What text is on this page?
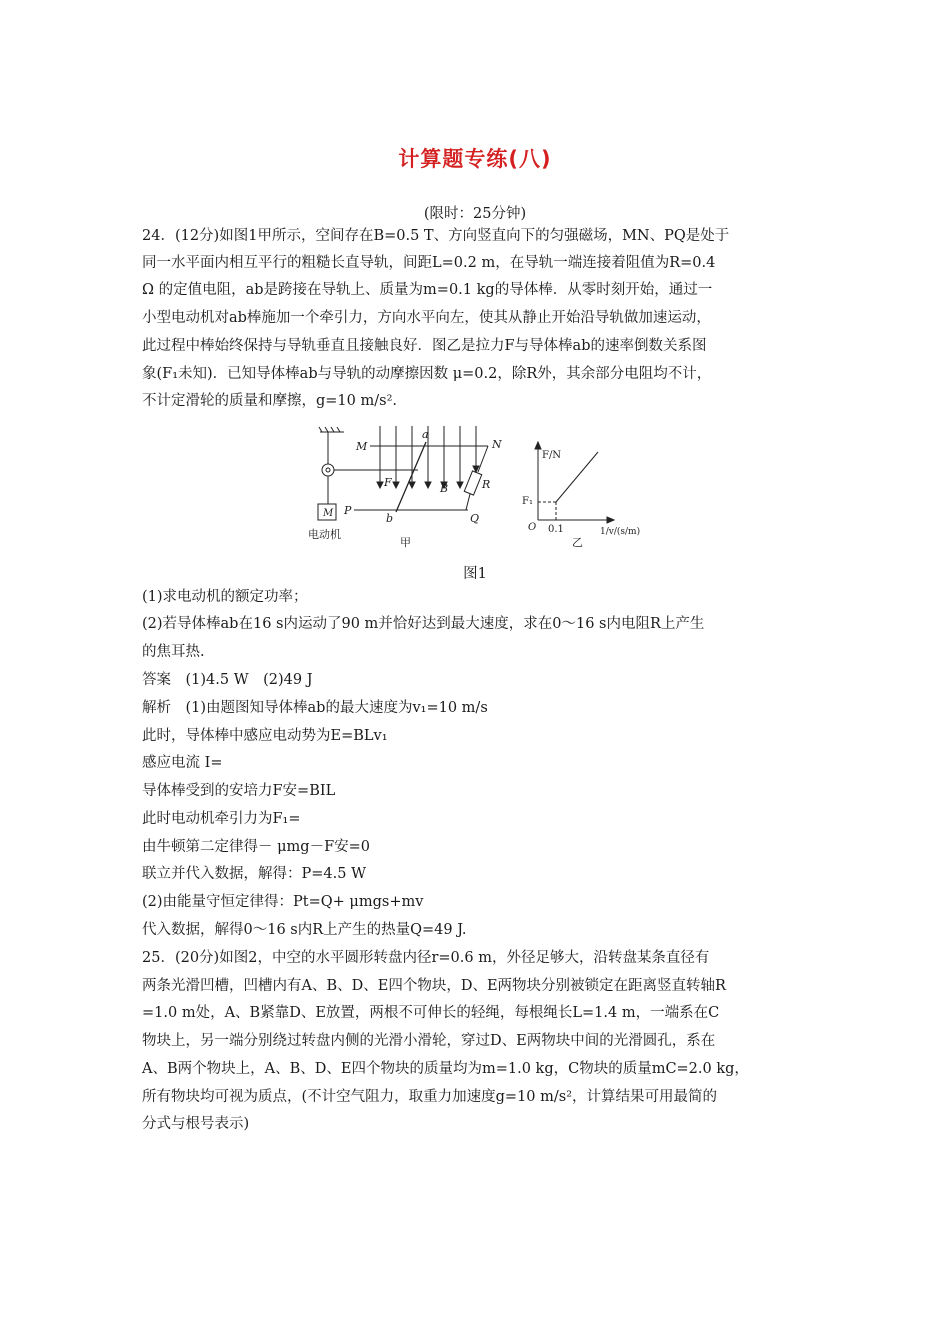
计算题专练(八)
(限时：25分钟)
24．(12分)如图1甲所示，空间存在B=0.5 T、方向竖直向下的匀强磁场，MN、PQ是处于
同一水平面内相互平行的粗糙长直导轨，间距L=0.2 m，在导轨一端连接着阻值为R=0.4
Ω 的定值电阻，ab是跨接在导轨上、质量为m=0.1 kg的导体棒．从零时刻开始，通过一
小型电动机对ab棒施加一个牵引力，方向水平向左，使其从静止开始沿导轨做加速运动，
此过程中棒始终保持与导轨垂直且接触良好．图乙是拉力F与导体棒ab的速率倒数关系图
象(F₁未知)．已知导体棒ab与导轨的动摩擦因数 μ=0.2，除R外，其余部分电阻均不计，
不计定滑轮的质量和摩擦，g=10 m/s².
M	N
P
Q
a
b
F	B	R
M
电动机
甲
F/N
F₁
O 0.1	1/v/(s/m)
乙
图1
(1)求电动机的额定功率；
(2)若导体棒ab在16 s内运动了90 m并恰好达到最大速度，求在0～16 s内电阻R上产生
的焦耳热.
答案　(1)4.5 W　(2)49 J
解析　(1)由题图知导体棒ab的最大速度为v₁=10 m/s
此时，导体棒中感应电动势为E=BLv₁
感应电流 I=
导体棒受到的安培力F安=BIL
此时电动机牵引力为F₁=
由牛顿第二定律得－ μmg－F安=0
联立并代入数据，解得：P=4.5 W
(2)由能量守恒定律得：Pt=Q+ μmgs+mv
代入数据，解得0～16 s内R上产生的热量Q=49 J.
25．(20分)如图2，中空的水平圆形转盘内径r=0.6 m，外径足够大，沿转盘某条直径有
两条光滑凹槽，凹槽内有A、B、D、E四个物块，D、E两物块分别被锁定在距离竖直转轴R
=1.0 m处，A、B紧靠D、E放置，两根不可伸长的轻绳，每根绳长L=1.4 m，一端系在C
物块上，另一端分别绕过转盘内侧的光滑小滑轮，穿过D、E两物块中间的光滑圆孔，系在
A、B两个物块上，A、B、D、E四个物块的质量均为m=1.0 kg，C物块的质量mC=2.0 kg，
所有物块均可视为质点，(不计空气阻力，取重力加速度g=10 m/s²，计算结果可用最简的
分式与根号表示)
